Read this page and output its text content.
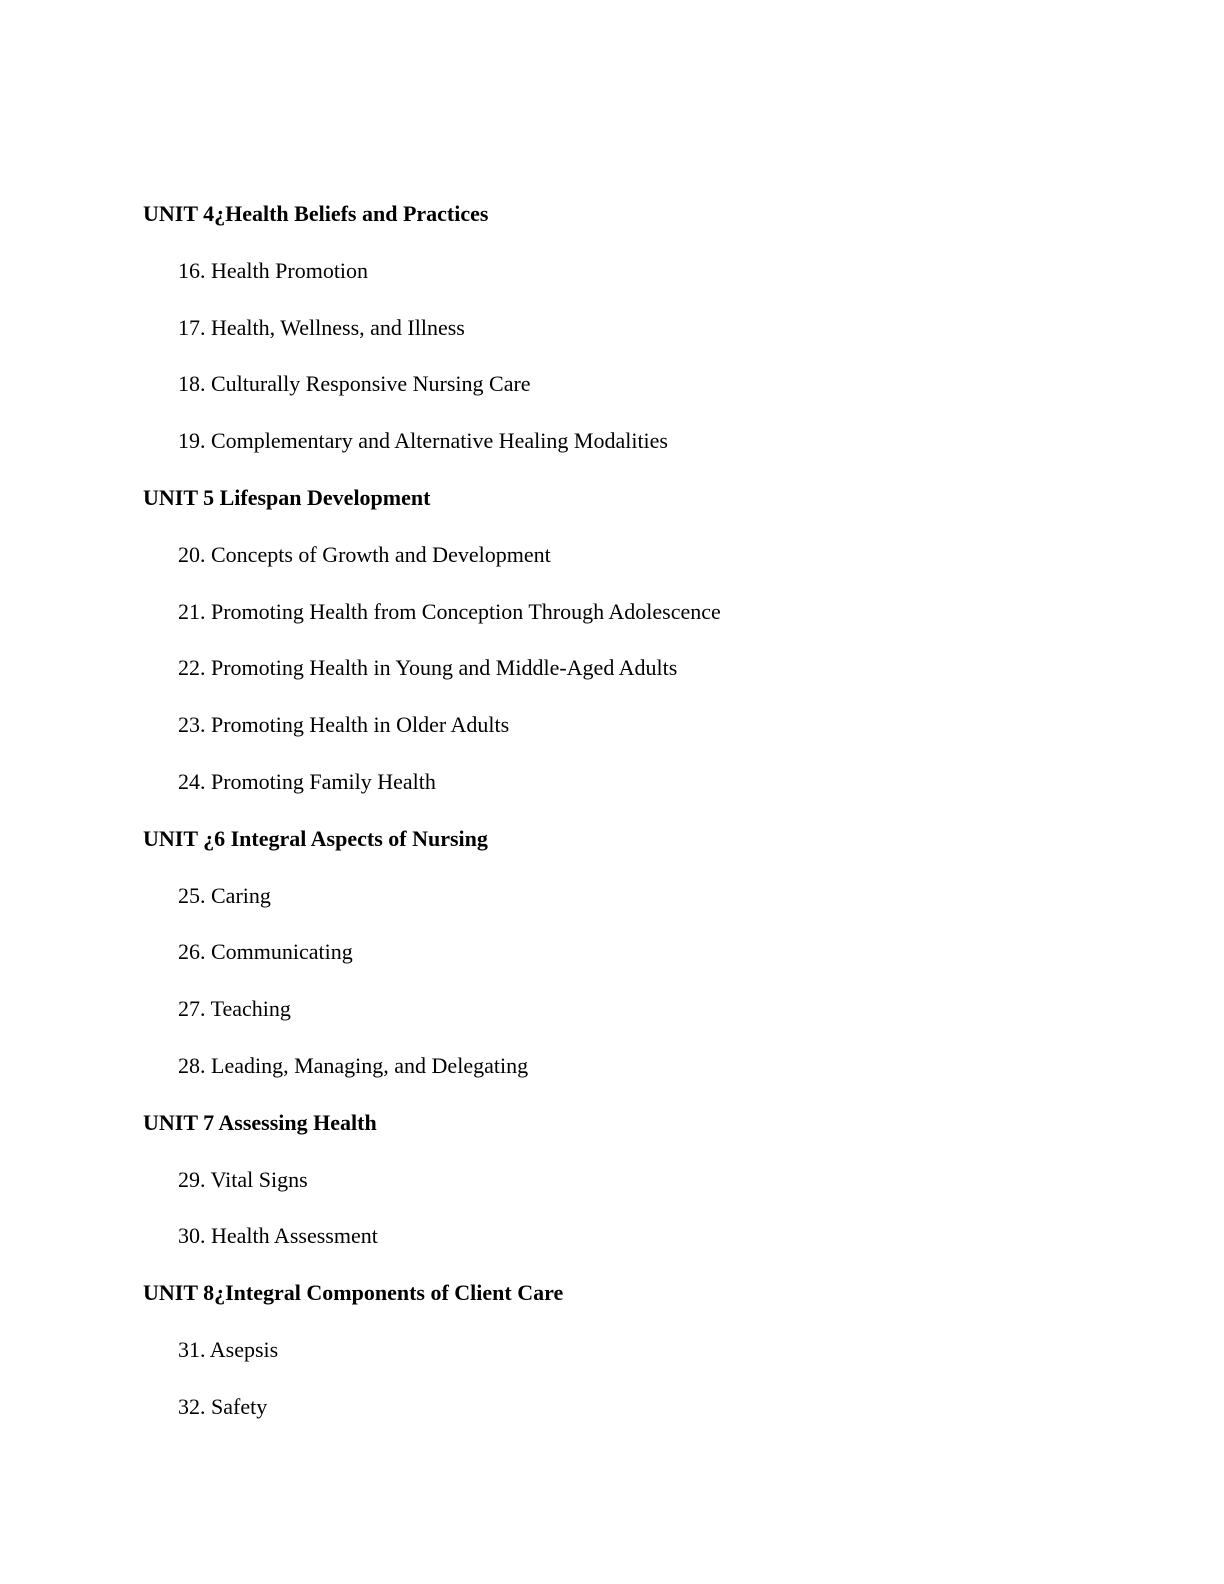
UNIT 4¿Health Beliefs and Practices
16. Health Promotion
17. Health, Wellness, and Illness
18. Culturally Responsive Nursing Care
19. Complementary and Alternative Healing Modalities
UNIT 5 Lifespan Development
20. Concepts of Growth and Development
21. Promoting Health from Conception Through Adolescence
22. Promoting Health in Young and Middle-Aged Adults
23. Promoting Health in Older Adults
24. Promoting Family Health
UNIT ¿6 Integral Aspects of Nursing
25. Caring
26. Communicating
27. Teaching
28. Leading, Managing, and Delegating
UNIT 7 Assessing Health
29. Vital Signs
30. Health Assessment
UNIT 8¿Integral Components of Client Care
31. Asepsis
32. Safety
